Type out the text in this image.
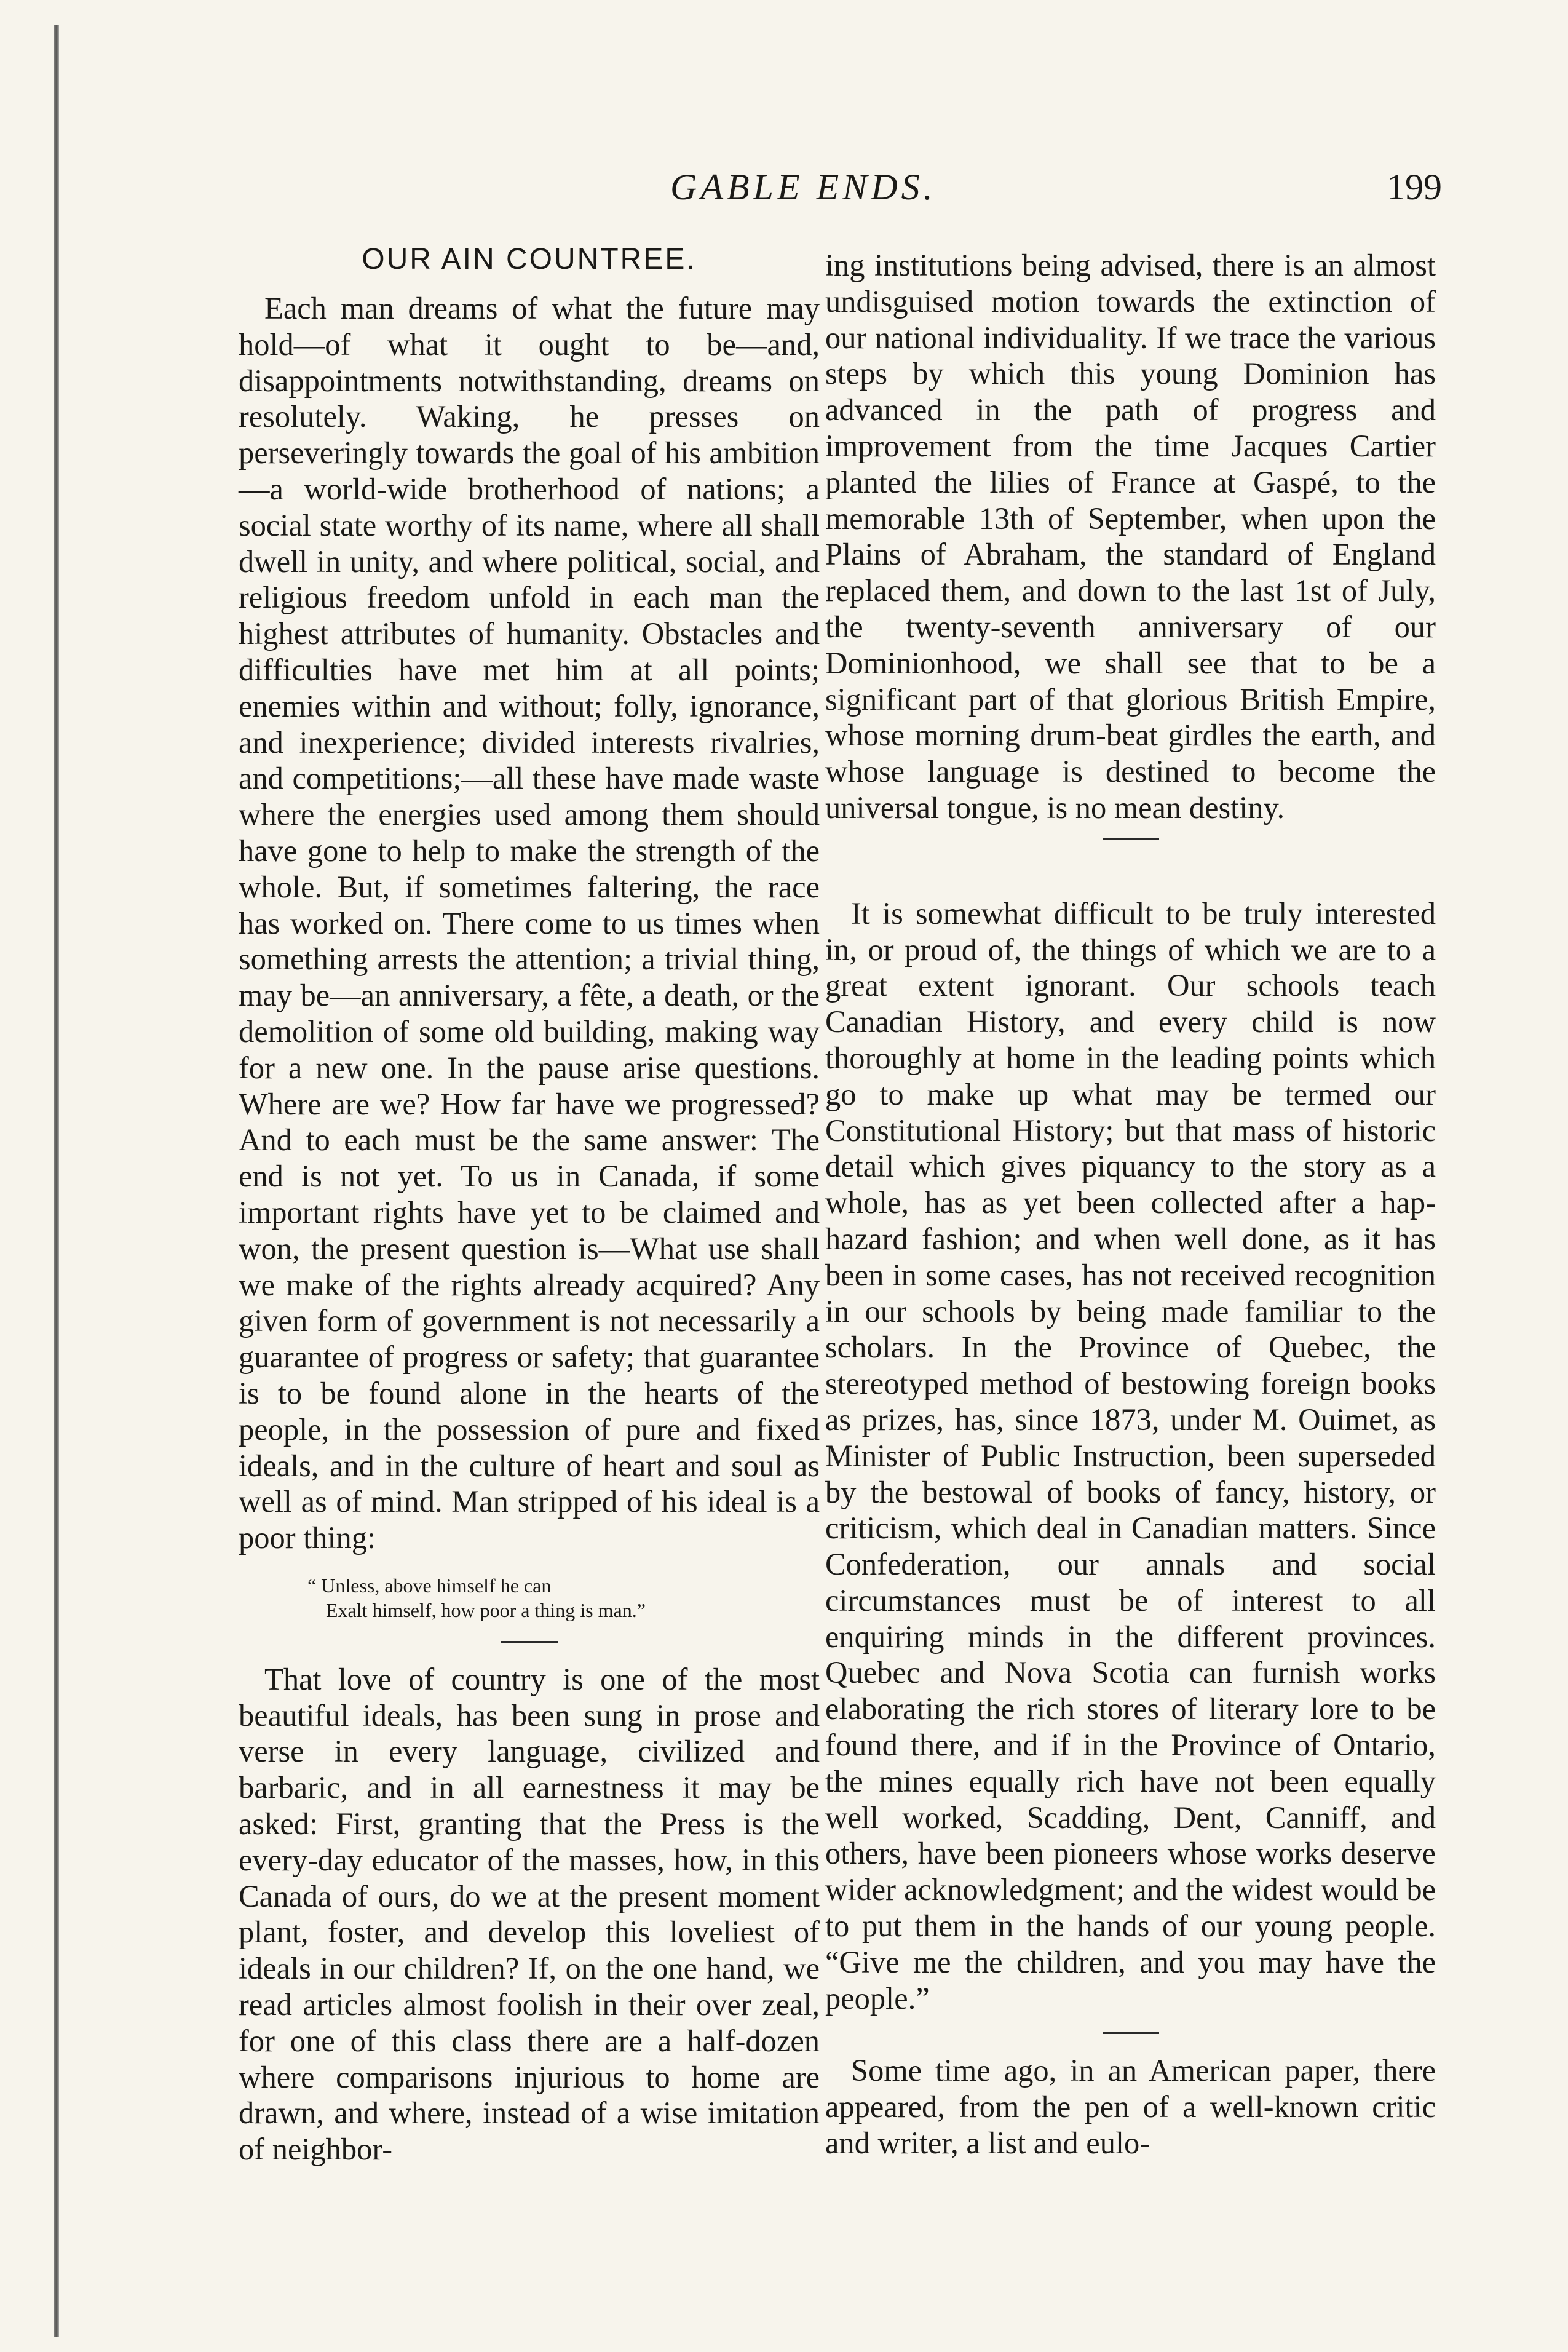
GABLE ENDS.	199
OUR AIN COUNTREE.

Each man dreams of what the future may hold—of what it ought to be—and, disappointments notwithstanding, dreams on resolutely. Waking, he presses on perseveringly towards the goal of his ambition—a world-wide brotherhood of nations; a social state worthy of its name, where all shall dwell in unity, and where political, social, and religious freedom unfold in each man the highest attributes of humanity. Obstacles and difficulties have met him at all points; enemies within and without; folly, ignorance, and inexperience; divided interests rivalries, and competitions;—all these have made waste where the energies used among them should have gone to help to make the strength of the whole. But, if sometimes faltering, the race has worked on. There come to us times when something arrests the attention; a trivial thing, may be—an anniversary, a fête, a death, or the demolition of some old building, making way for a new one. In the pause arise questions. Where are we? How far have we progressed? And to each must be the same answer: The end is not yet. To us in Canada, if some important rights have yet to be claimed and won, the present question is—What use shall we make of the rights already acquired? Any given form of government is not necessarily a guarantee of progress or safety; that guarantee is to be found alone in the hearts of the people, in the possession of pure and fixed ideals, and in the culture of heart and soul as well as of mind. Man stripped of his ideal is a poor thing:

“ Unless, above himself he can
Exalt himself, how poor a thing is man.”

That love of country is one of the most beautiful ideals, has been sung in prose and verse in every language, civilized and barbaric, and in all earnestness it may be asked: First, granting that the Press is the every-day educator of the masses, how, in this Canada of ours, do we at the present moment plant, foster, and develop this loveliest of ideals in our children? If, on the one hand, we read articles almost foolish in their over zeal, for one of this class there are a half-dozen where comparisons injurious to home are drawn, and where, instead of a wise imitation of neighbor-

ing institutions being advised, there is an almost undisguised motion towards the extinction of our national individuality. If we trace the various steps by which this young Dominion has advanced in the path of progress and improvement from the time Jacques Cartier planted the lilies of France at Gaspé, to the memorable 13th of September, when upon the Plains of Abraham, the standard of England replaced them, and down to the last 1st of July, the twenty-seventh anniversary of our Dominionhood, we shall see that to be a significant part of that glorious British Empire, whose morning drum-beat girdles the earth, and whose language is destined to become the universal tongue, is no mean destiny.

It is somewhat difficult to be truly interested in, or proud of, the things of which we are to a great extent ignorant. Our schools teach Canadian History, and every child is now thoroughly at home in the leading points which go to make up what may be termed our Constitutional History; but that mass of historic detail which gives piquancy to the story as a whole, has as yet been collected after a hap-hazard fashion; and when well done, as it has been in some cases, has not received recognition in our schools by being made familiar to the scholars. In the Province of Quebec, the stereotyped method of bestowing foreign books as prizes, has, since 1873, under M. Ouimet, as Minister of Public Instruction, been superseded by the bestowal of books of fancy, history, or criticism, which deal in Canadian matters. Since Confederation, our annals and social circumstances must be of interest to all enquiring minds in the different provinces. Quebec and Nova Scotia can furnish works elaborating the rich stores of literary lore to be found there, and if in the Province of Ontario, the mines equally rich have not been equally well worked, Scadding, Dent, Canniff, and others, have been pioneers whose works deserve wider acknowledgment; and the widest would be to put them in the hands of our young people. “Give me the children, and you may have the people.”

Some time ago, in an American paper, there appeared, from the pen of a well-known critic and writer, a list and eulo-
